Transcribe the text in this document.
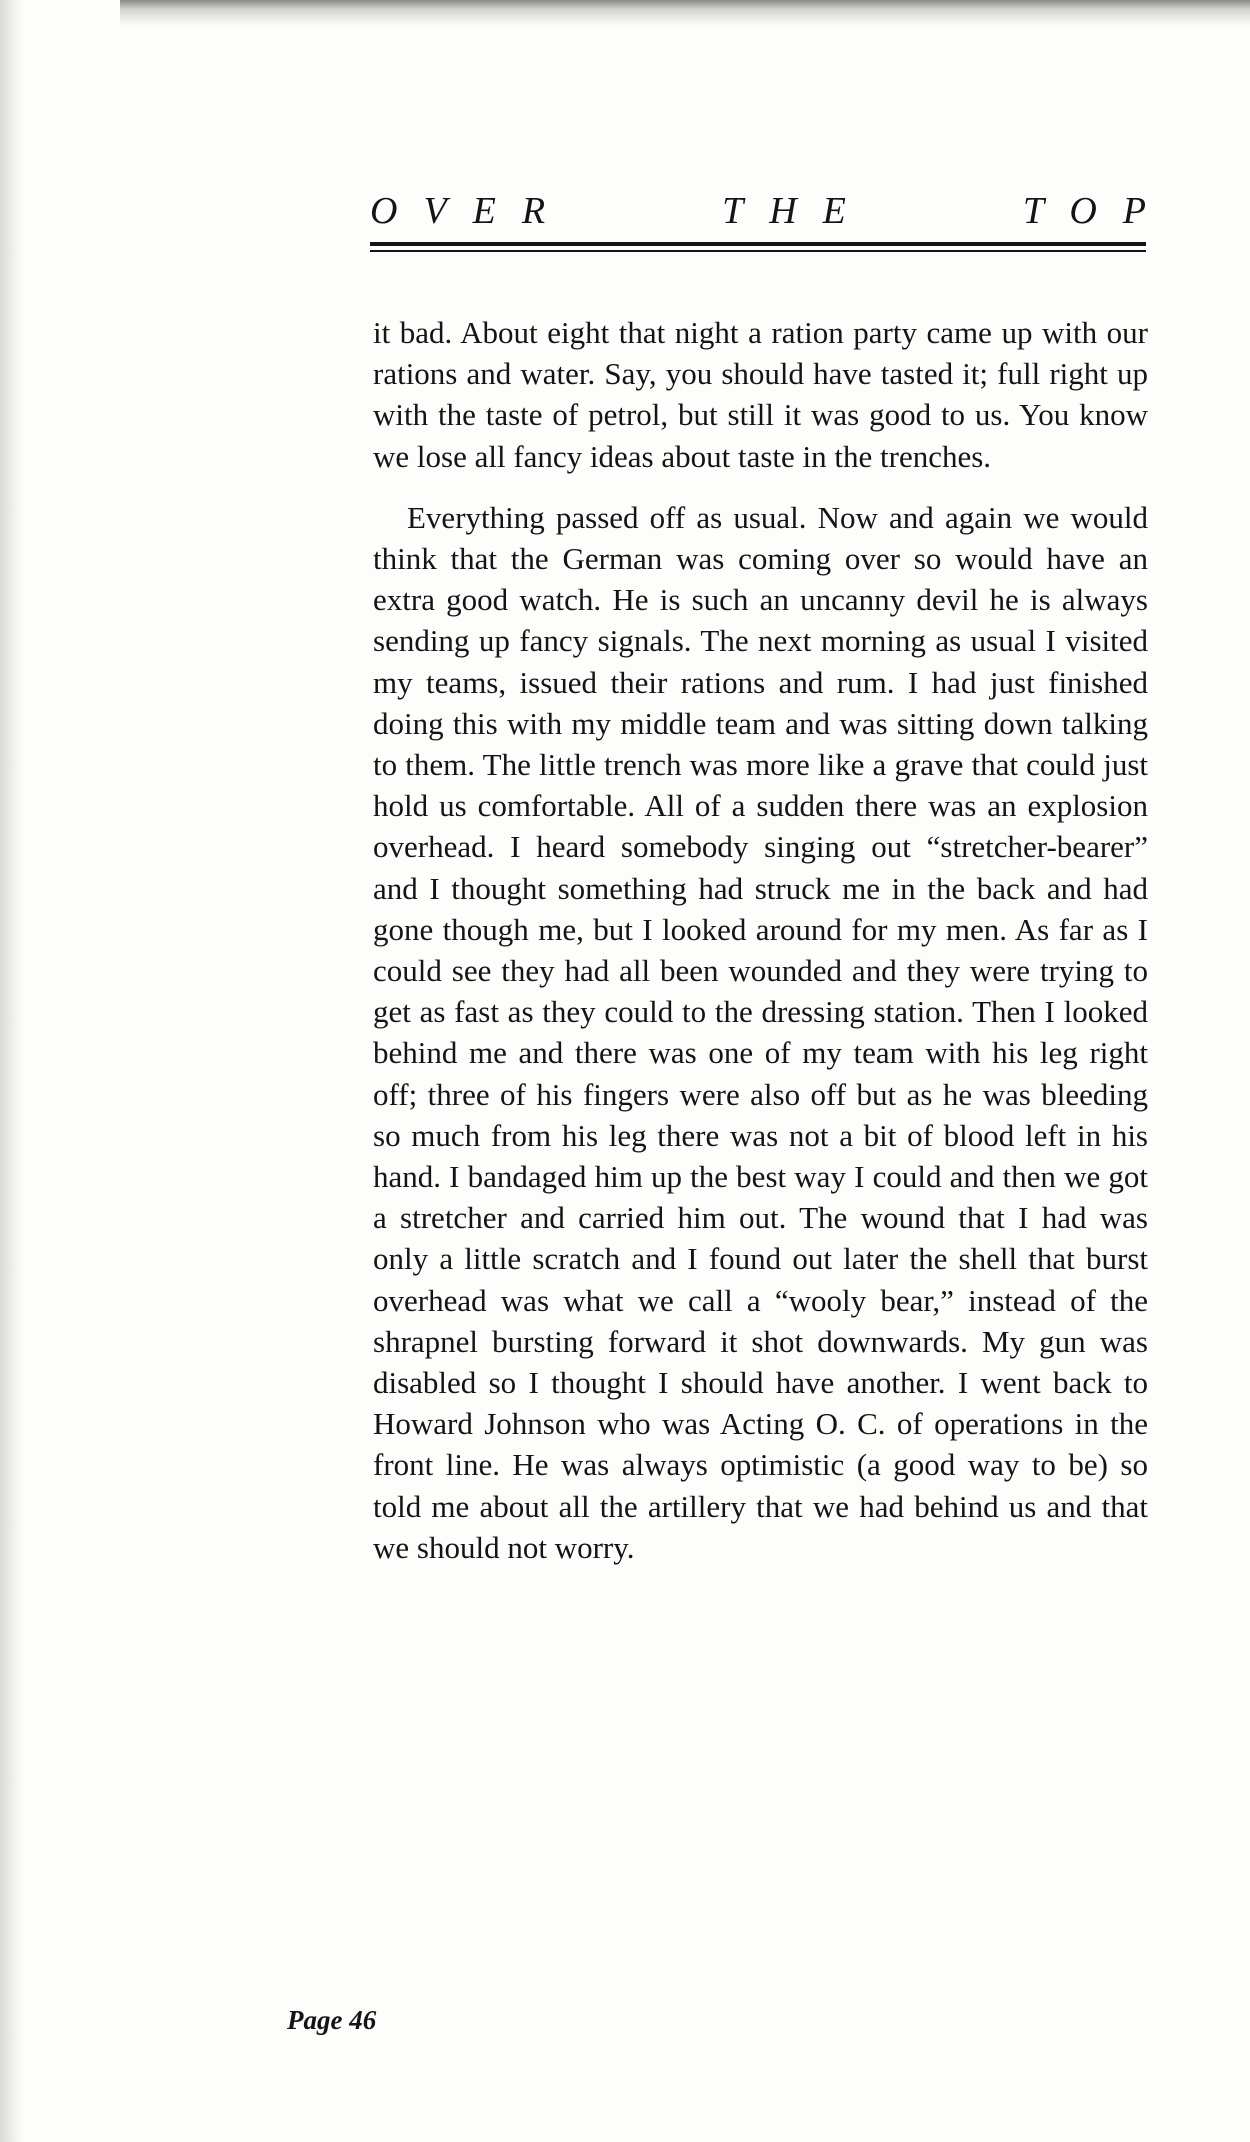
OVER	THE	TOP

it bad. About eight that night a ration party came up with our rations and water. Say, you should have tasted it; full right up with the taste of petrol, but still it was good to us. You know we lose all fancy ideas about taste in the trenches.

Everything passed off as usual. Now and again we would think that the German was coming over so would have an extra good watch. He is such an uncanny devil he is always sending up fancy signals. The next morning as usual I visited my teams, issued their rations and rum. I had just finished doing this with my middle team and was sitting down talking to them. The little trench was more like a grave that could just hold us comfortable. All of a sudden there was an explosion overhead. I heard somebody singing out “stretcher-bearer” and I thought something had struck me in the back and had gone though me, but I looked around for my men. As far as I could see they had all been wounded and they were trying to get as fast as they could to the dressing station. Then I looked behind me and there was one of my team with his leg right off; three of his fingers were also off but as he was bleeding so much from his leg there was not a bit of blood left in his hand. I bandaged him up the best way I could and then we got a stretcher and carried him out. The wound that I had was only a little scratch and I found out later the shell that burst overhead was what we call a “wooly bear,” instead of the shrapnel bursting forward it shot downwards. My gun was disabled so I thought I should have another. I went back to Howard Johnson who was Acting O. C. of operations in the front line. He was always optimistic (a good way to be) so told me about all the artillery that we had behind us and that we should not worry.

Page 46
